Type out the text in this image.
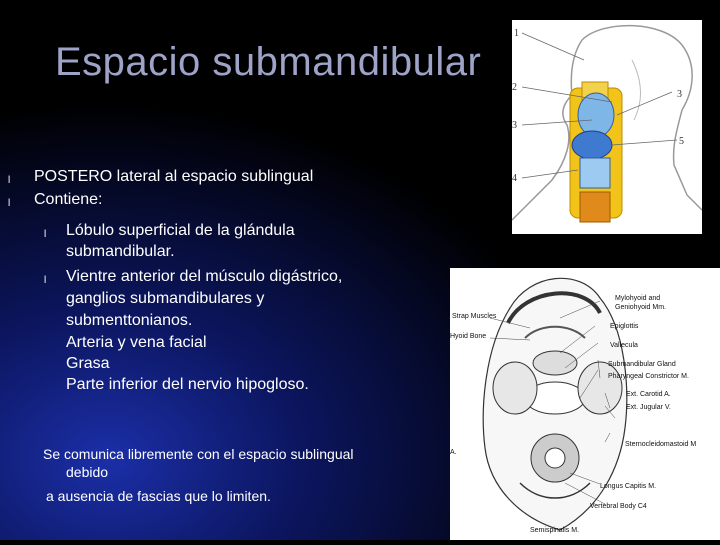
Espacio submandibular
l POSTERO lateral al espacio sublingual
l Contiene:
l Lóbulo superficial de la glándula
submandibular.
l Vientre anterior del músculo digástrico,
ganglios submandibulares y
submenttonianos.
Arteria y vena facial
Grasa
Parte inferior del nervio hipogloso.
Se comunica libremente con el espacio sublingual
debido
a ausencia de fascias que lo limiten.
1
2
3
3
4
5
Strap Muscles
Hyoid Bone
A.
Mylohyoid and
Geniohyoid Mm.
Epiglottis
Vallecula
Submandibular Gland
Pharyngeal Constrictor M.
Ext. Carotid A.
Ext. Jugular V.
Sternocleidomastoid M
Longus Capitis M.
Vertebral Body C4
Semispinalis M.
